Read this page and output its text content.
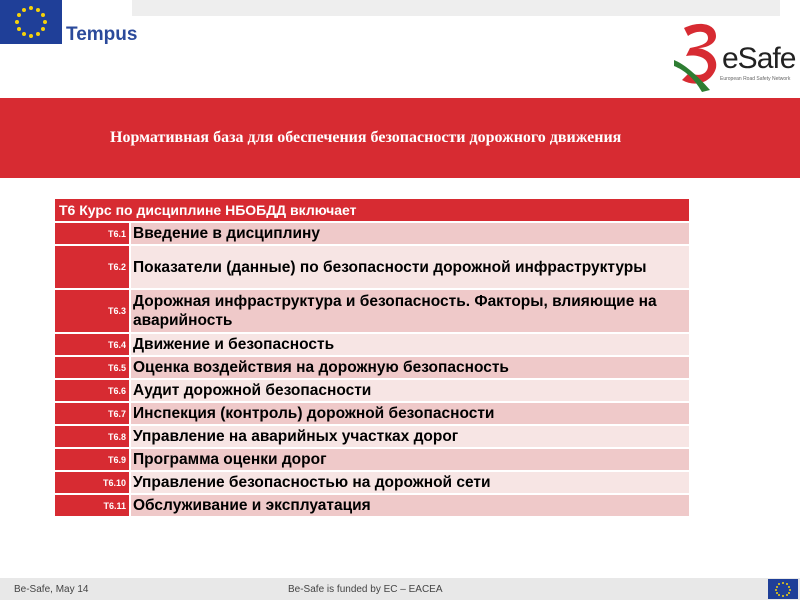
Tempus
eSafe
European Road Safety Network
Нормативная база для обеспечения безопасности дорожного движения
Т6 Курс по дисциплине НБОБДД включает
T6.1 Введение в дисциплину
T6.2 Показатели (данные) по безопасности дорожной инфраструктуры
T6.3
Дорожная инфраструктура и безопасность. Факторы, влияющие на аварийность
T6.4 Движение и безопасность
T6.5 Оценка воздействия на дорожную безопасность
T6.6 Аудит дорожной безопасности
T6.7 Инспекция (контроль) дорожной безопасности
T6.8 Управление на аварийных участках дорог
T6.9 Программа оценки дорог
T6.10 Управление безопасностью на дорожной сети
T6.11 Обслуживание и эксплуатация
Be-Safe, May 14	Be-Safe is funded by EC – EACEA
